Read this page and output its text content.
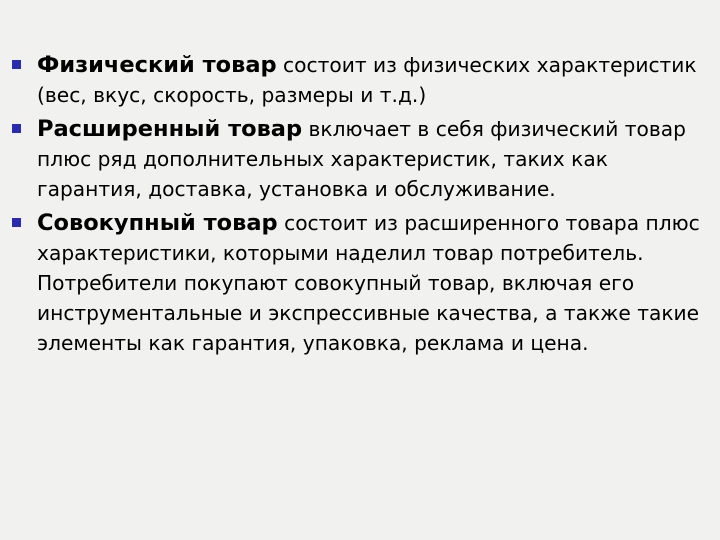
Физический товар состоит из физических характеристик (вес, вкус, скорость, размеры и т.д.)
Расширенный товар включает в себя физический товар плюс ряд дополнительных характеристик, таких как гарантия, доставка, установка и обслуживание.
Совокупный товар состоит из расширенного товара плюс характеристики, которыми наделил товар потребитель. Потребители покупают совокупный товар, включая его инструментальные и экспрессивные качества, а также такие элементы как гарантия, упаковка, реклама и цена.
